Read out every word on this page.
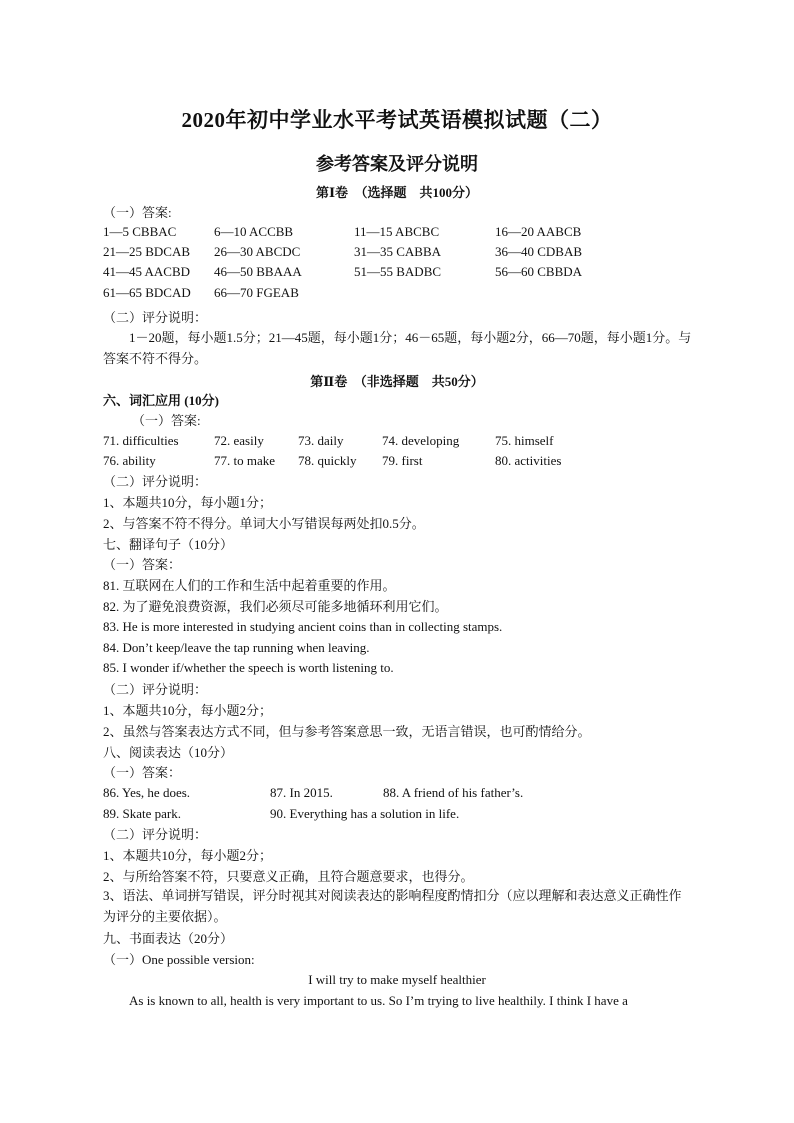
2020年初中学业水平考试英语模拟试题（二）
参考答案及评分说明
第Ⅰ卷　（选择题　共100分）
（一）答案:
1—5 CBBAC	6—10 ACCBB	11—15 ABCBC	16—20 AABCB
21—25 BDCAB 26—30 ABCDC	31—35 CABBA	36—40 CDBAB
41—45 AACBD 46—50 BBAAA	51—55 BADBC	56—60 CBBDA
61—65 BDCAD 66—70 FGEAB
（二）评分说明：
1－20题，每小题1.5分；21—45题，每小题1分；46－65题，每小题2分，66—70题，每小题1分。与答案不符不得分。
第Ⅱ卷　（非选择题　共50分）
六、词汇应用 (10分)
（一）答案:
71. difficulties	72. easily	73. daily	74. developing	75. himself
76. ability	77. to make 78. quickly 79. first	80. activities
（二）评分说明：
1、本题共10分，每小题1分；
2、与答案不符不得分。单词大小写错误每两处扣0.5分。
七、翻译句子（10分）
（一）答案：
81. 互联网在人们的工作和生活中起着重要的作用。
82. 为了避免浪费资源，我们必须尽可能多地循环利用它们。
83. He is more interested in studying ancient coins than in collecting stamps.
84. Don’t keep/leave the tap running when leaving.
85. I wonder if/whether the speech is worth listening to.
（二）评分说明：
1、本题共10分，每小题2分；
2、虽然与答案表达方式不同，但与参考答案意思一致，无语言错误，也可酌情给分。
八、阅读表达（10分）
（一）答案：
86. Yes, he does.	87. In 2015.	88. A friend of his father’s.
89. Skate park.	90. Everything has a solution in life.
（二）评分说明：
1、本题共10分，每小题2分；
2、与所给答案不符，只要意义正确，且符合题意要求，也得分。
3、语法、单词拼写错误，评分时视其对阅读表达的影响程度酌情扣分（应以理解和表达意义正确性作为评分的主要依据）。
九、书面表达（20分）
（一）One possible version:
I will try to make myself healthier
As is known to all, health is very important to us. So I’m trying to live healthily. I think I have a
